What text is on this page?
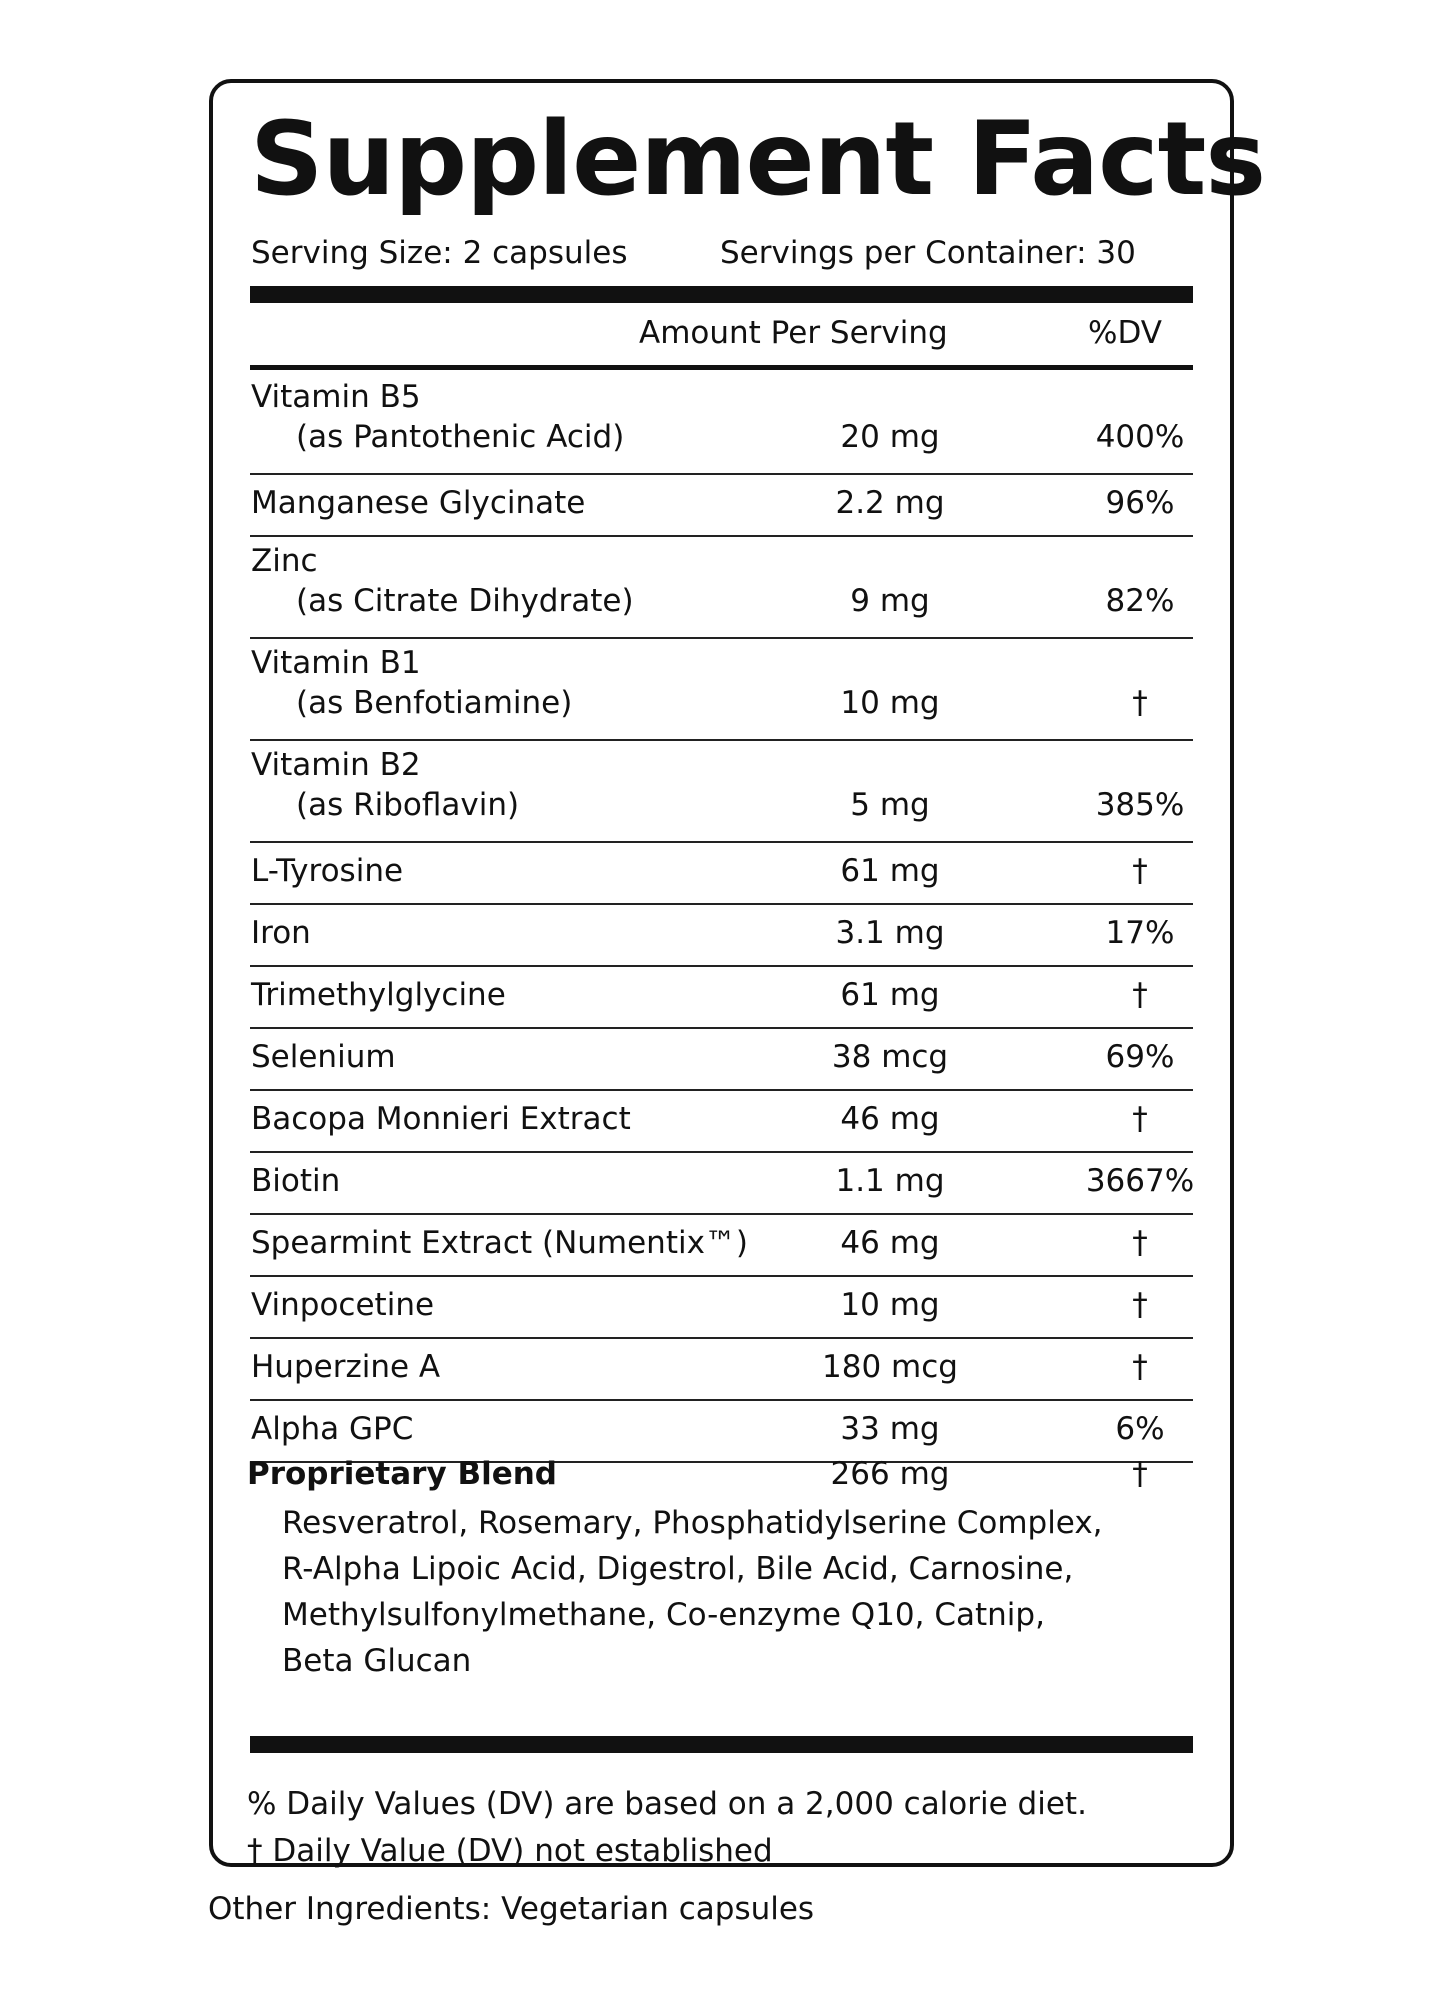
Supplement Facts
Serving Size: 2 capsules	Servings per Container: 30
Amount Per Serving	%DV
Vitamin B5
(as Pantothenic Acid)	20 mg	400%
Manganese Glycinate	2.2 mg	96%
Zinc
(as Citrate Dihydrate)	9 mg	82%
Vitamin B1
(as Benfotiamine)	10 mg	†
Vitamin B2
(as Riboflavin)	5 mg	385%
L-Tyrosine	61 mg	†
Iron	3.1 mg	17%
Trimethylglycine	61 mg	†
Selenium	38 mcg	69%
Bacopa Monnieri Extract	46 mg	†
Biotin	1.1 mg	3667%
Spearmint Extract (Numentix™)	46 mg	†
Vinpocetine	10 mg	†
Huperzine A	180 mcg	†
Alpha GPC	33 mg	6%
Proprietary Blend	266 mg	†
Resveratrol, Rosemary, Phosphatidylserine Complex, R-Alpha Lipoic Acid, Digestrol, Bile Acid, Carnosine, Methylsulfonylmethane, Co-enzyme Q10, Catnip, Beta Glucan
% Daily Values (DV) are based on a 2,000 calorie diet.
† Daily Value (DV) not established
Other Ingredients: Vegetarian capsules
